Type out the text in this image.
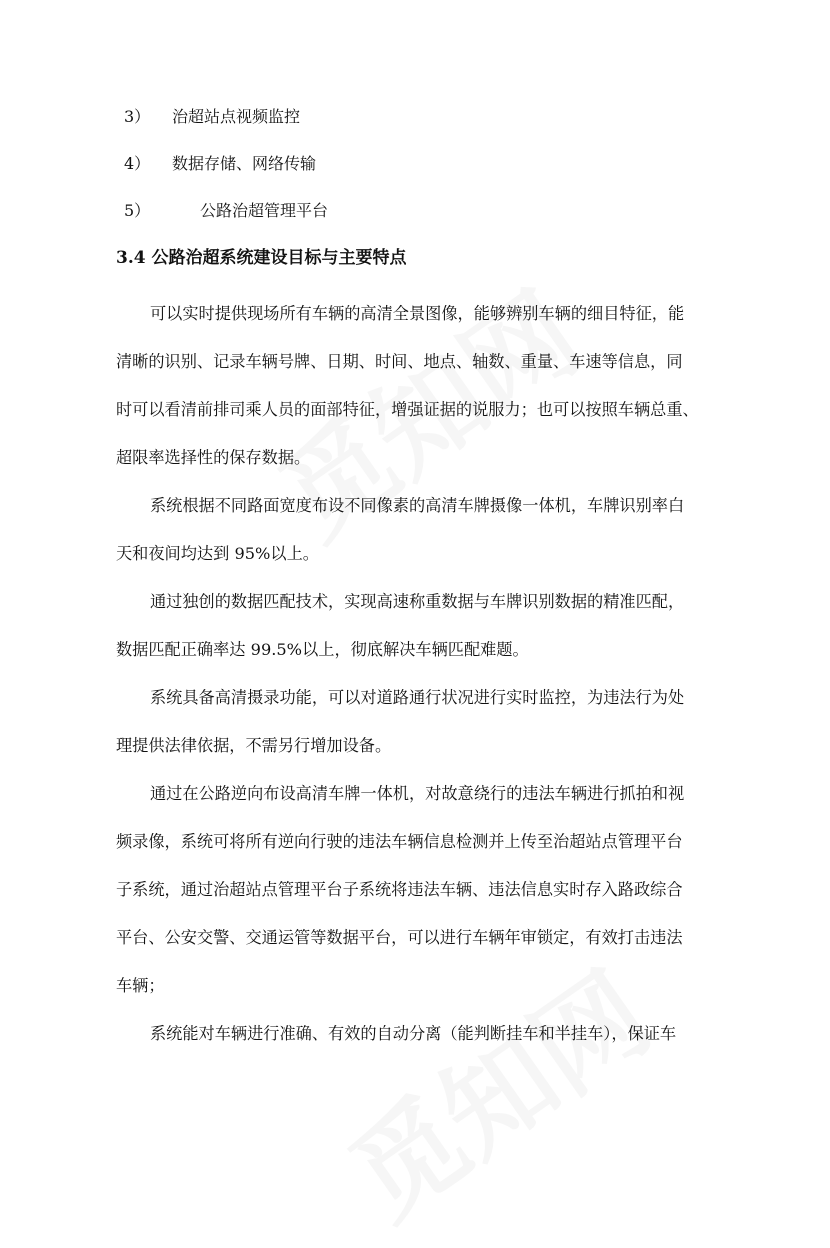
3） 治超站点视频监控
4） 数据存储、网络传输
5）	公路治超管理平台
3.4 公路治超系统建设目标与主要特点
可以实时提供现场所有车辆的高清全景图像，能够辨别车辆的细目特征，能
清晰的识别、记录车辆号牌、日期、时间、地点、轴数、重量、车速等信息，同
时可以看清前排司乘人员的面部特征，增强证据的说服力；也可以按照车辆总重、
超限率选择性的保存数据。
系统根据不同路面宽度布设不同像素的高清车牌摄像一体机，车牌识别率白
天和夜间均达到 95%以上。
通过独创的数据匹配技术，实现高速称重数据与车牌识别数据的精准匹配，
数据匹配正确率达 99.5%以上，彻底解决车辆匹配难题。
系统具备高清摄录功能，可以对道路通行状况进行实时监控，为违法行为处
理提供法律依据，不需另行增加设备。
通过在公路逆向布设高清车牌一体机，对故意绕行的违法车辆进行抓拍和视
频录像，系统可将所有逆向行驶的违法车辆信息检测并上传至治超站点管理平台
子系统，通过治超站点管理平台子系统将违法车辆、违法信息实时存入路政综合
平台、公安交警、交通运管等数据平台，可以进行车辆年审锁定，有效打击违法
车辆；
系统能对车辆进行准确、有效的自动分离（能判断挂车和半挂车），保证车
